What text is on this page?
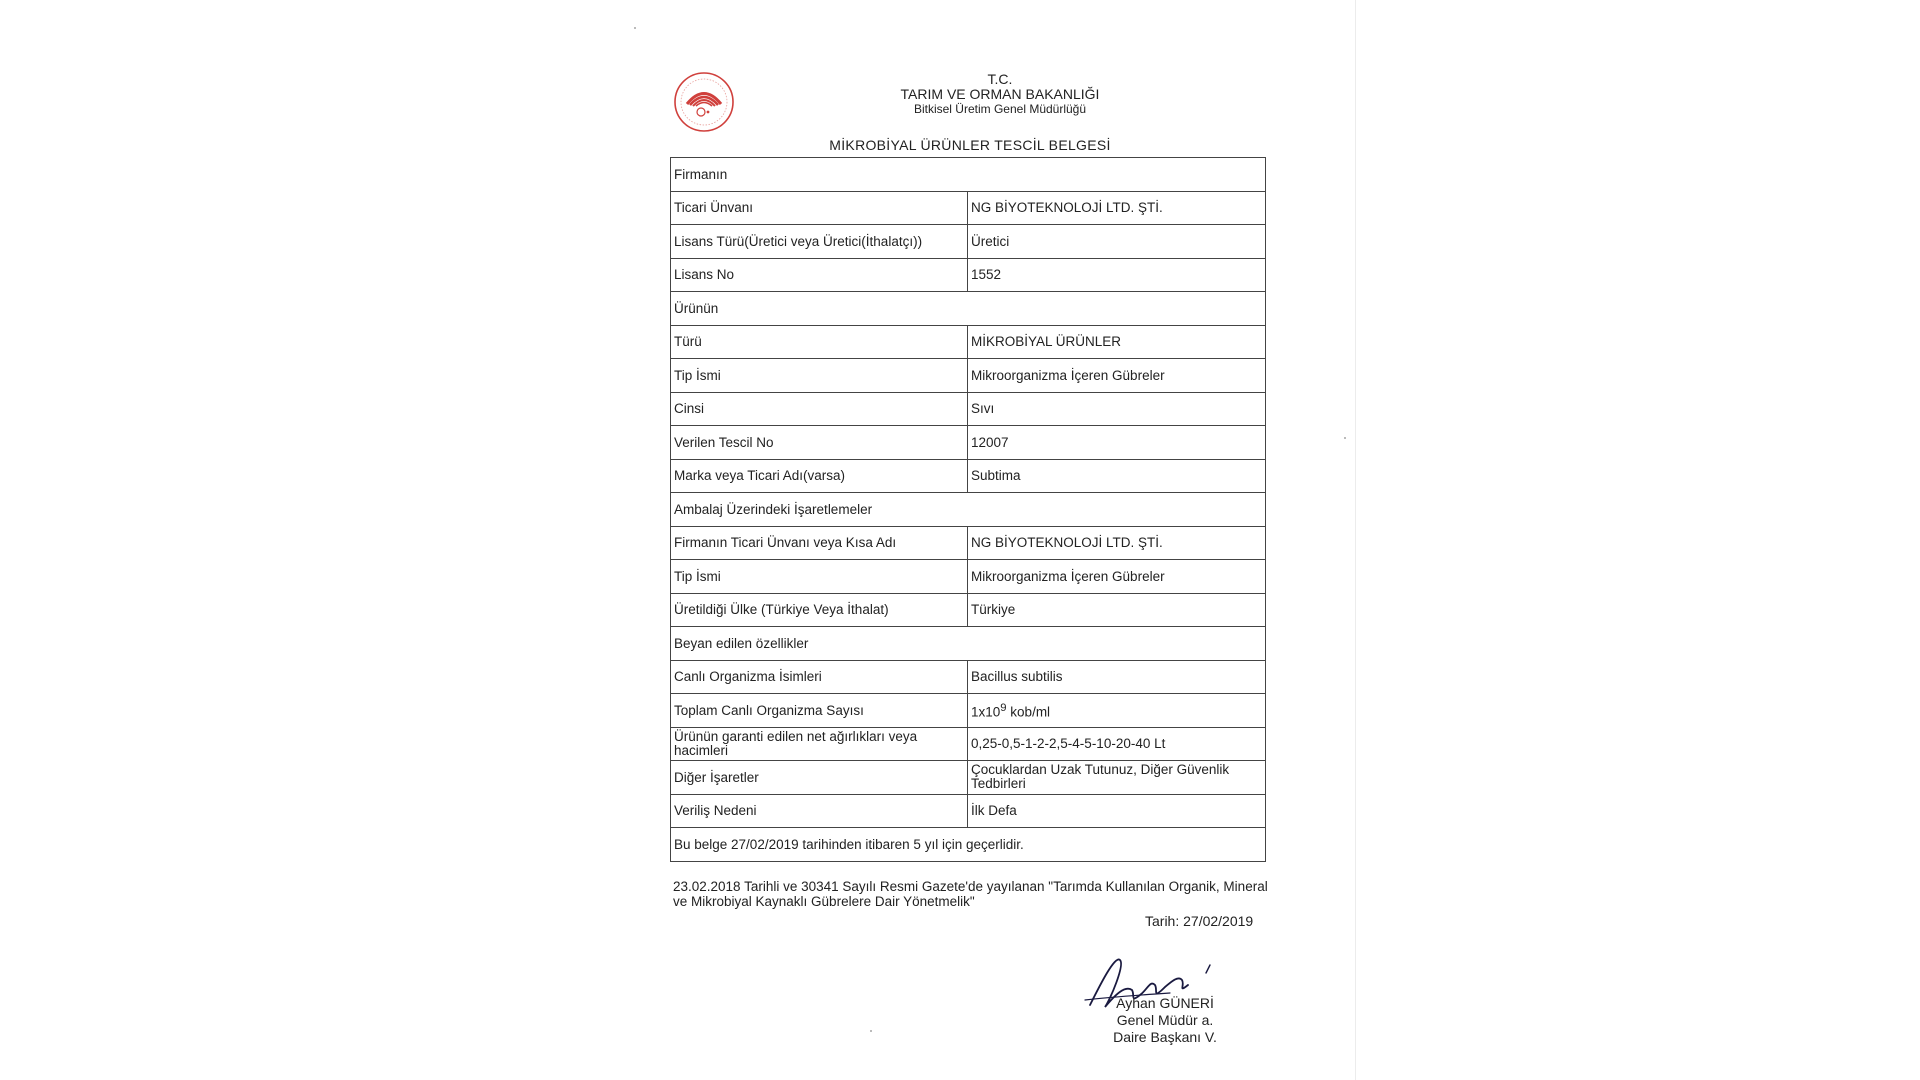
T.C.
TARIM VE ORMAN BAKANLIĞI
Bitkisel Üretim Genel Müdürlüğü
MİKROBİYAL ÜRÜNLER TESCİL BELGESİ
Firmanın	
Ticari Ünvanı	NG BİYOTEKNOLOJİ LTD. ŞTİ.
Lisans Türü(Üretici veya Üretici(İthalatçı))	Üretici
Lisans No	1552
Ürünün	
Türü	MİKROBİYAL ÜRÜNLER
Tip İsmi	Mikroorganizma İçeren Gübreler
Cinsi	Sıvı
Verilen Tescil No	12007
Marka veya Ticari Adı(varsa)	Subtima
Ambalaj Üzerindeki İşaretlemeler	
Firmanın Ticari Ünvanı veya Kısa Adı	NG BİYOTEKNOLOJİ LTD. ŞTİ.
Tip İsmi	Mikroorganizma İçeren Gübreler
Üretildiği Ülke (Türkiye Veya İthalat)	Türkiye
Beyan edilen özellikler	
Canlı Organizma İsimleri	Bacillus subtilis
Toplam Canlı Organizma Sayısı	$1x10^9$ kob/ml
Ürünün garanti edilen net ağırlıkları veya hacimleri	0,25-0,5-1-2-2,5-4-5-10-20-40 Lt
Diğer İşaretler	Çocuklardan Uzak Tutunuz, Diğer Güvenlik Tedbirleri
Veriliş Nedeni	İlk Defa
Bu belge 27/02/2019 tarihinden itibaren 5 yıl için geçerlidir.	
23.02.2018 Tarihli ve 30341 Sayılı Resmi Gazete'de yayılanan "Tarımda Kullanılan Organik, Mineral ve Mikrobiyal Kaynaklı Gübrelere Dair Yönetmelik"
Tarih: 27/02/2019
Ayhan GÜNERİ
Genel Müdür a.
Daire Başkanı V.
